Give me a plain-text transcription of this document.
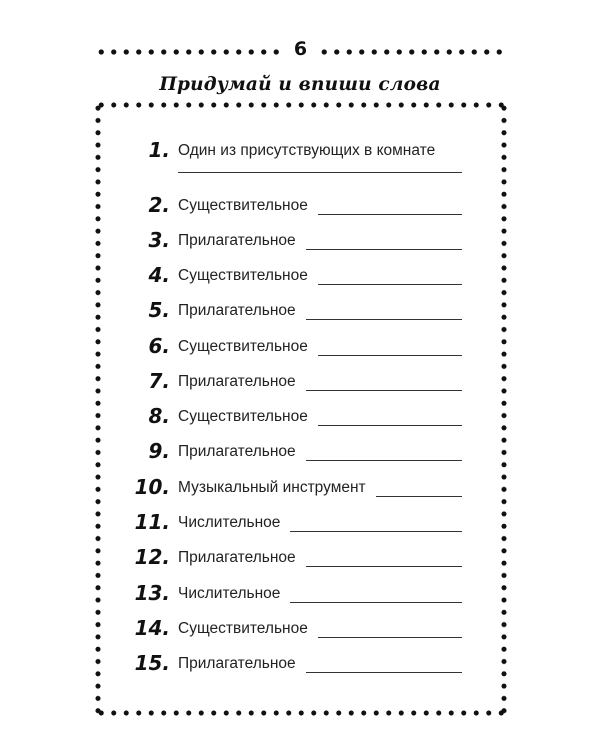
6
Придумай и впиши слова
1. Один из присутствующих в комнате
2. Существительное
3. Прилагательное
4. Существительное
5. Прилагательное
6. Существительное
7. Прилагательное
8. Существительное
9. Прилагательное
10. Музыкальный инструмент
11. Числительное
12. Прилагательное
13. Числительное
14. Существительное
15. Прилагательное
